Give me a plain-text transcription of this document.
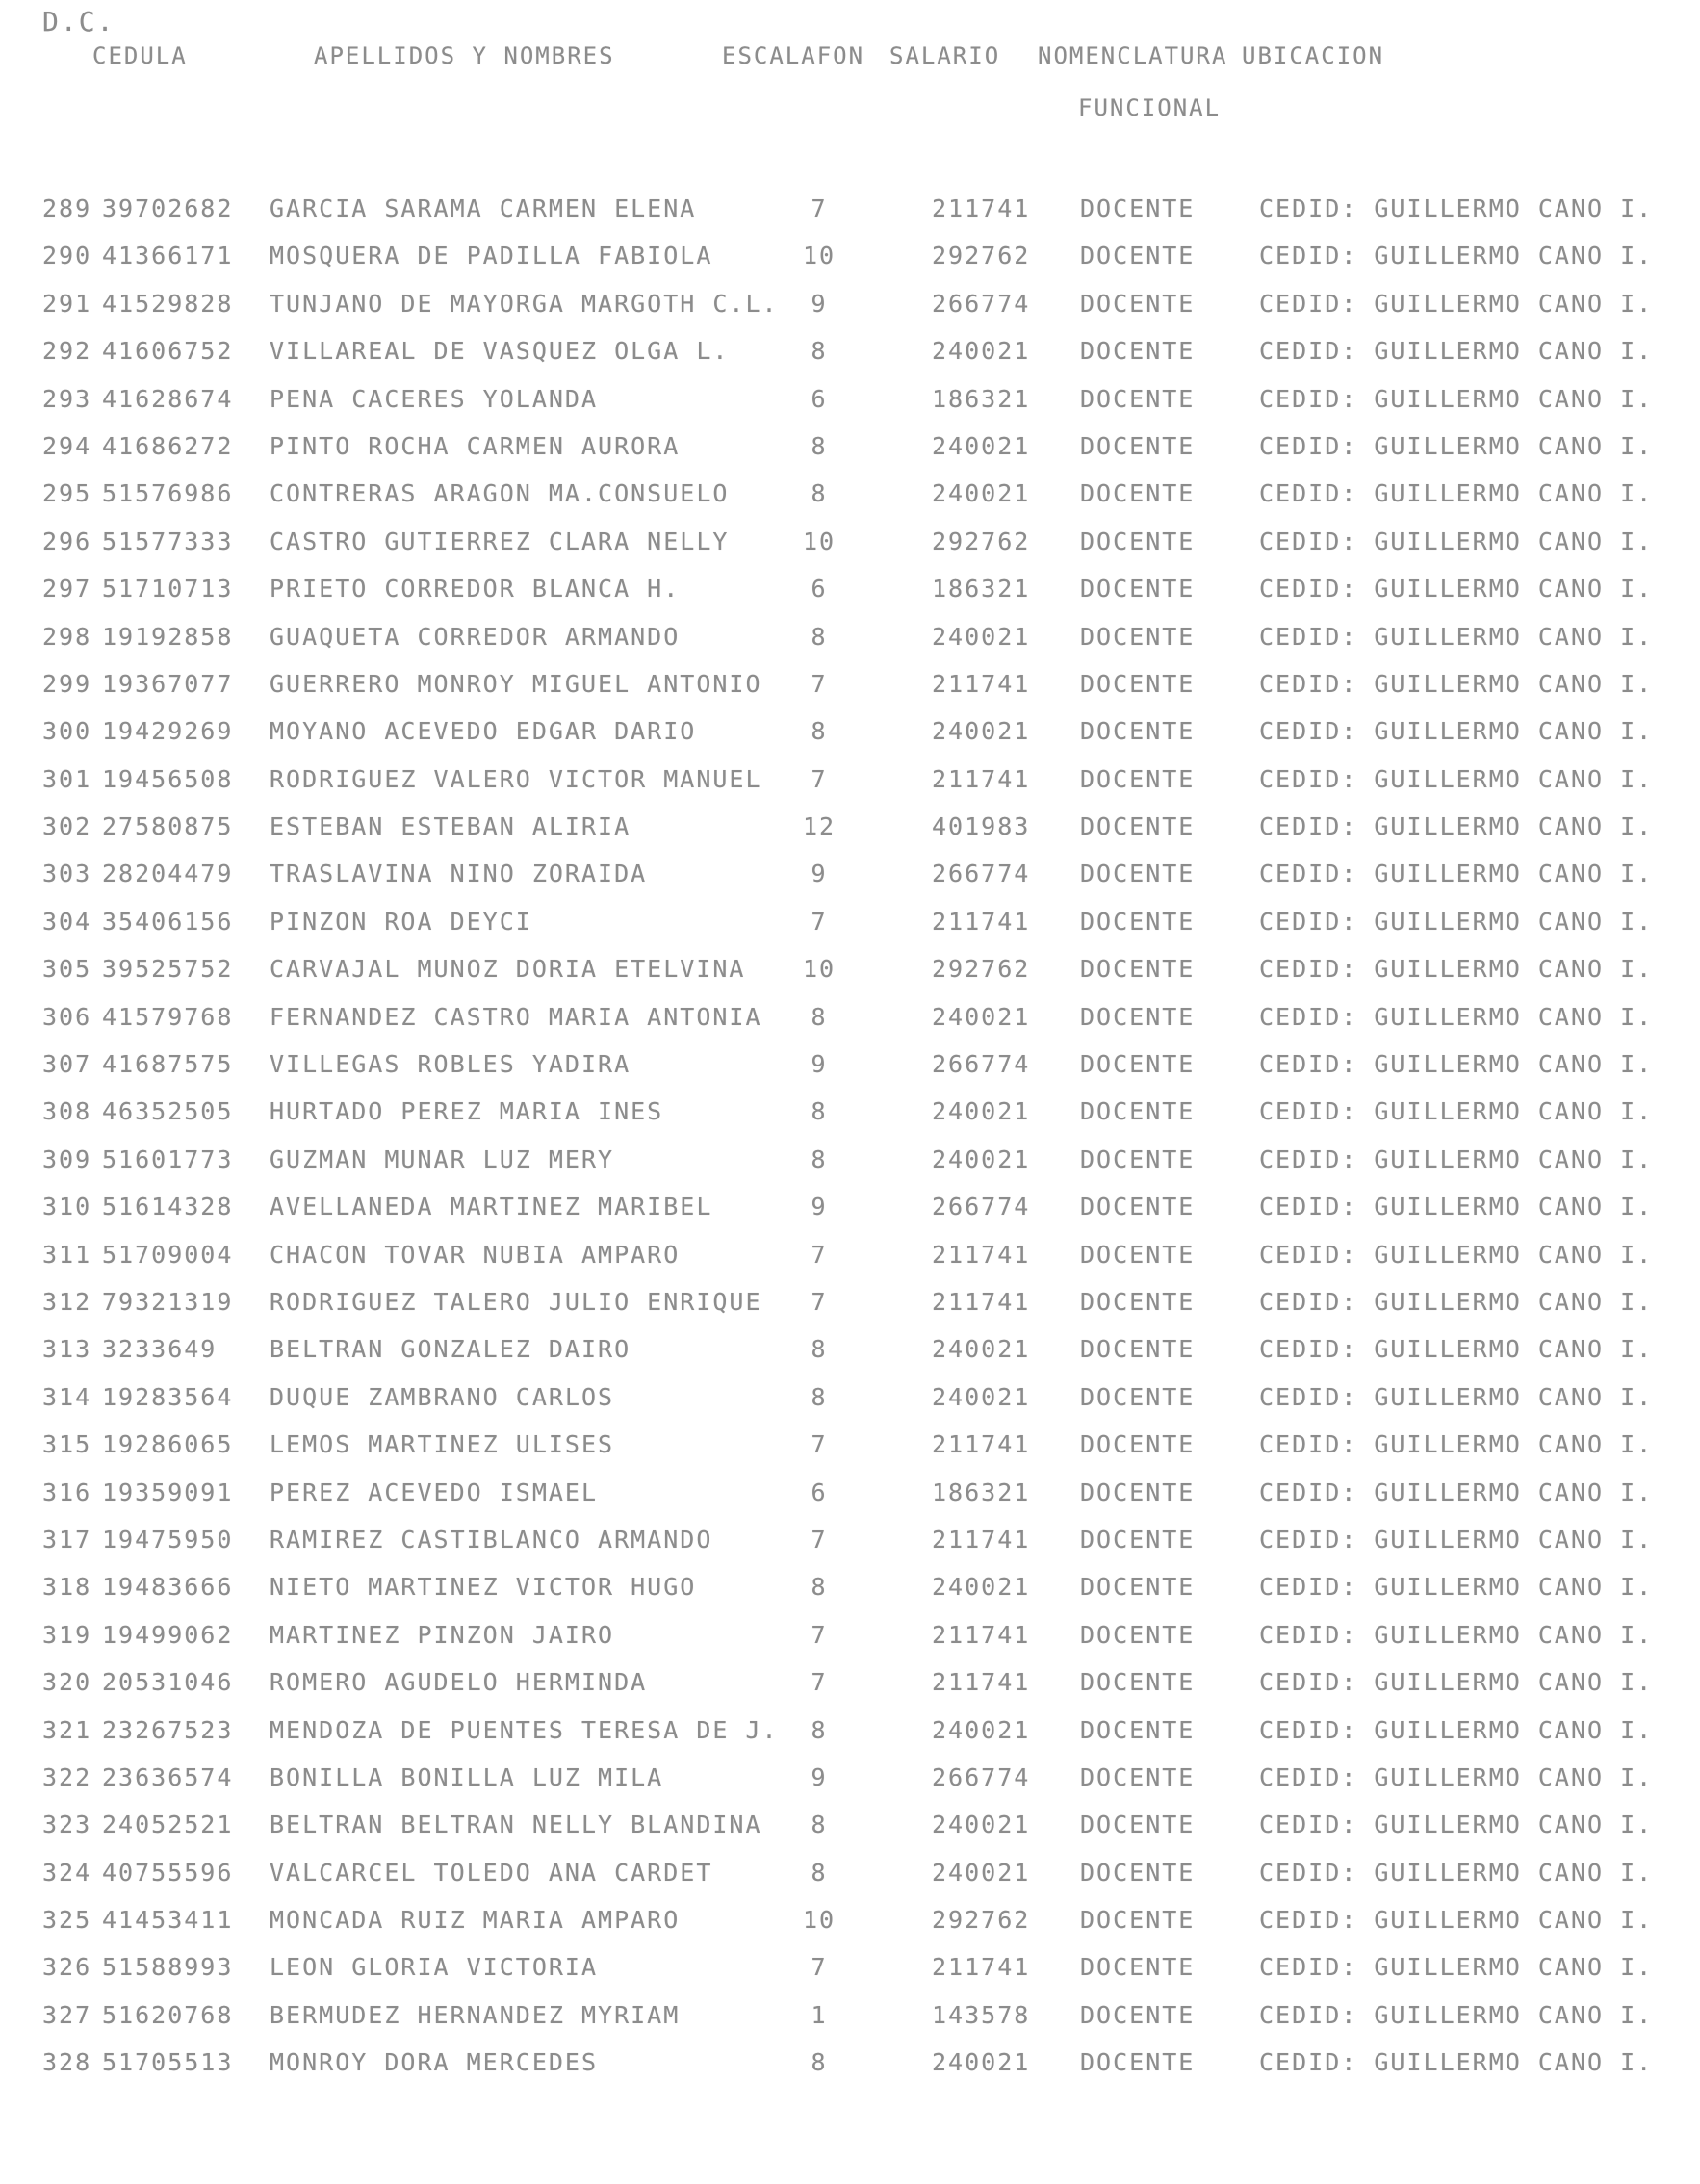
D.C.
CEDULA	APELLIDOS Y NOMBRES	ESCALAFON SALARIO NOMENCLATURA UBICACION
FUNCIONAL
289 39702682 GARCIA SARAMA CARMEN ELENA	7	211741 DOCENTE	CEDID: GUILLERMO CANO I.
290 41366171 MOSQUERA DE PADILLA FABIOLA	10	292762 DOCENTE	CEDID: GUILLERMO CANO I.
291 41529828 TUNJANO DE MAYORGA MARGOTH C.L.	9	266774 DOCENTE	CEDID: GUILLERMO CANO I.
292 41606752 VILLAREAL DE VASQUEZ OLGA L.	8	240021 DOCENTE	CEDID: GUILLERMO CANO I.
293 41628674 PENA CACERES YOLANDA	6	186321 DOCENTE	CEDID: GUILLERMO CANO I.
294 41686272 PINTO ROCHA CARMEN AURORA	8	240021 DOCENTE	CEDID: GUILLERMO CANO I.
295 51576986 CONTRERAS ARAGON MA.CONSUELO	8	240021 DOCENTE	CEDID: GUILLERMO CANO I.
296 51577333 CASTRO GUTIERREZ CLARA NELLY	10	292762 DOCENTE	CEDID: GUILLERMO CANO I.
297 51710713 PRIETO CORREDOR BLANCA H.	6	186321 DOCENTE	CEDID: GUILLERMO CANO I.
298 19192858 GUAQUETA CORREDOR ARMANDO	8	240021 DOCENTE	CEDID: GUILLERMO CANO I.
299 19367077 GUERRERO MONROY MIGUEL ANTONIO	7	211741 DOCENTE	CEDID: GUILLERMO CANO I.
300 19429269 MOYANO ACEVEDO EDGAR DARIO	8	240021 DOCENTE	CEDID: GUILLERMO CANO I.
301 19456508 RODRIGUEZ VALERO VICTOR MANUEL	7	211741 DOCENTE	CEDID: GUILLERMO CANO I.
302 27580875 ESTEBAN ESTEBAN ALIRIA	12	401983 DOCENTE	CEDID: GUILLERMO CANO I.
303 28204479 TRASLAVINA NINO ZORAIDA	9	266774 DOCENTE	CEDID: GUILLERMO CANO I.
304 35406156 PINZON ROA DEYCI	7	211741 DOCENTE	CEDID: GUILLERMO CANO I.
305 39525752 CARVAJAL MUNOZ DORIA ETELVINA	10	292762 DOCENTE	CEDID: GUILLERMO CANO I.
306 41579768 FERNANDEZ CASTRO MARIA ANTONIA	8	240021 DOCENTE	CEDID: GUILLERMO CANO I.
307 41687575 VILLEGAS ROBLES YADIRA	9	266774 DOCENTE	CEDID: GUILLERMO CANO I.
308 46352505 HURTADO PEREZ MARIA INES	8	240021 DOCENTE	CEDID: GUILLERMO CANO I.
309 51601773 GUZMAN MUNAR LUZ MERY	8	240021 DOCENTE	CEDID: GUILLERMO CANO I.
310 51614328 AVELLANEDA MARTINEZ MARIBEL	9	266774 DOCENTE	CEDID: GUILLERMO CANO I.
311 51709004 CHACON TOVAR NUBIA AMPARO	7	211741 DOCENTE	CEDID: GUILLERMO CANO I.
312 79321319 RODRIGUEZ TALERO JULIO ENRIQUE	7	211741 DOCENTE	CEDID: GUILLERMO CANO I.
313 3233649 BELTRAN GONZALEZ DAIRO	8	240021 DOCENTE	CEDID: GUILLERMO CANO I.
314 19283564 DUQUE ZAMBRANO CARLOS	8	240021 DOCENTE	CEDID: GUILLERMO CANO I.
315 19286065 LEMOS MARTINEZ ULISES	7	211741 DOCENTE	CEDID: GUILLERMO CANO I.
316 19359091 PEREZ ACEVEDO ISMAEL	6	186321 DOCENTE	CEDID: GUILLERMO CANO I.
317 19475950 RAMIREZ CASTIBLANCO ARMANDO	7	211741 DOCENTE	CEDID: GUILLERMO CANO I.
318 19483666 NIETO MARTINEZ VICTOR HUGO	8	240021 DOCENTE	CEDID: GUILLERMO CANO I.
319 19499062 MARTINEZ PINZON JAIRO	7	211741 DOCENTE	CEDID: GUILLERMO CANO I.
320 20531046 ROMERO AGUDELO HERMINDA	7	211741 DOCENTE	CEDID: GUILLERMO CANO I.
321 23267523 MENDOZA DE PUENTES TERESA DE J.	8	240021 DOCENTE	CEDID: GUILLERMO CANO I.
322 23636574 BONILLA BONILLA LUZ MILA	9	266774 DOCENTE	CEDID: GUILLERMO CANO I.
323 24052521 BELTRAN BELTRAN NELLY BLANDINA	8	240021 DOCENTE	CEDID: GUILLERMO CANO I.
324 40755596 VALCARCEL TOLEDO ANA CARDET	8	240021 DOCENTE	CEDID: GUILLERMO CANO I.
325 41453411 MONCADA RUIZ MARIA AMPARO	10	292762 DOCENTE	CEDID: GUILLERMO CANO I.
326 51588993 LEON GLORIA VICTORIA	7	211741 DOCENTE	CEDID: GUILLERMO CANO I.
327 51620768 BERMUDEZ HERNANDEZ MYRIAM	1	143578 DOCENTE	CEDID: GUILLERMO CANO I.
328 51705513 MONROY DORA MERCEDES	8	240021 DOCENTE	CEDID: GUILLERMO CANO I.
